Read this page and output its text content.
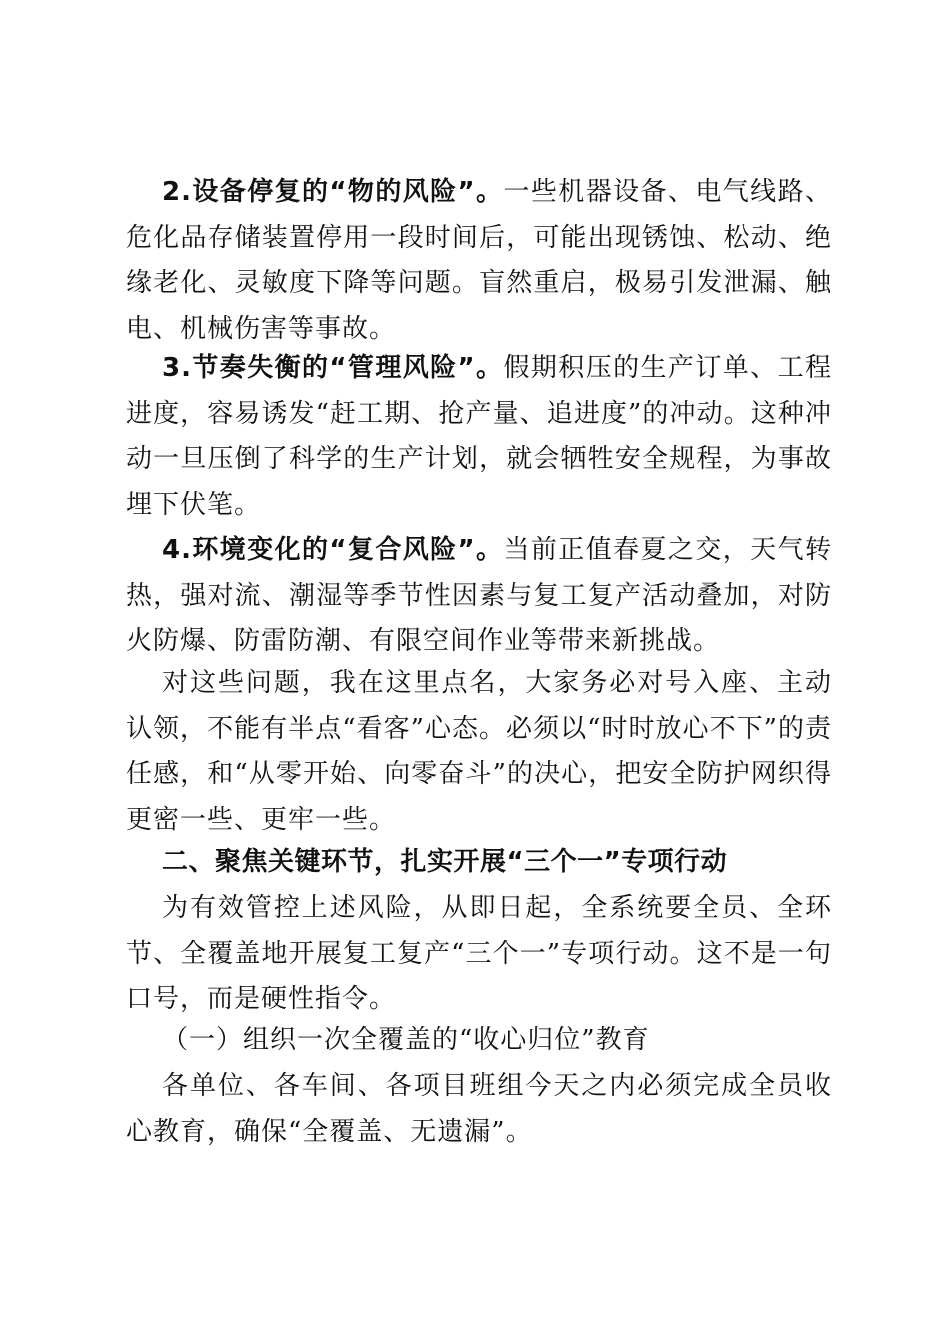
2.设备停复的“物的风险”。一些机器设备、电气线路、危化品存储装置停用一段时间后，可能出现锈蚀、松动、绝缘老化、灵敏度下降等问题。盲然重启，极易引发泄漏、触电、机械伤害等事故。

3.节奏失衡的“管理风险”。假期积压的生产订单、工程进度，容易诱发“赶工期、抢产量、追进度”的冲动。这种冲动一旦压倒了科学的生产计划，就会牺牲安全规程，为事故埋下伏笔。

4.环境变化的“复合风险”。当前正值春夏之交，天气转热，强对流、潮湿等季节性因素与复工复产活动叠加，对防火防爆、防雷防潮、有限空间作业等带来新挑战。

对这些问题，我在这里点名，大家务必对号入座、主动认领，不能有半点“看客”心态。必须以“时时放心不下”的责任感，和“从零开始、向零奋斗”的决心，把安全防护网织得更密一些、更牢一些。

二、聚焦关键环节，扎实开展“三个一”专项行动

为有效管控上述风险，从即日起，全系统要全员、全环节、全覆盖地开展复工复产“三个一”专项行动。这不是一句口号，而是硬性指令。

（一）组织一次全覆盖的“收心归位”教育

各单位、各车间、各项目班组今天之内必须完成全员收心教育，确保“全覆盖、无遗漏”。
